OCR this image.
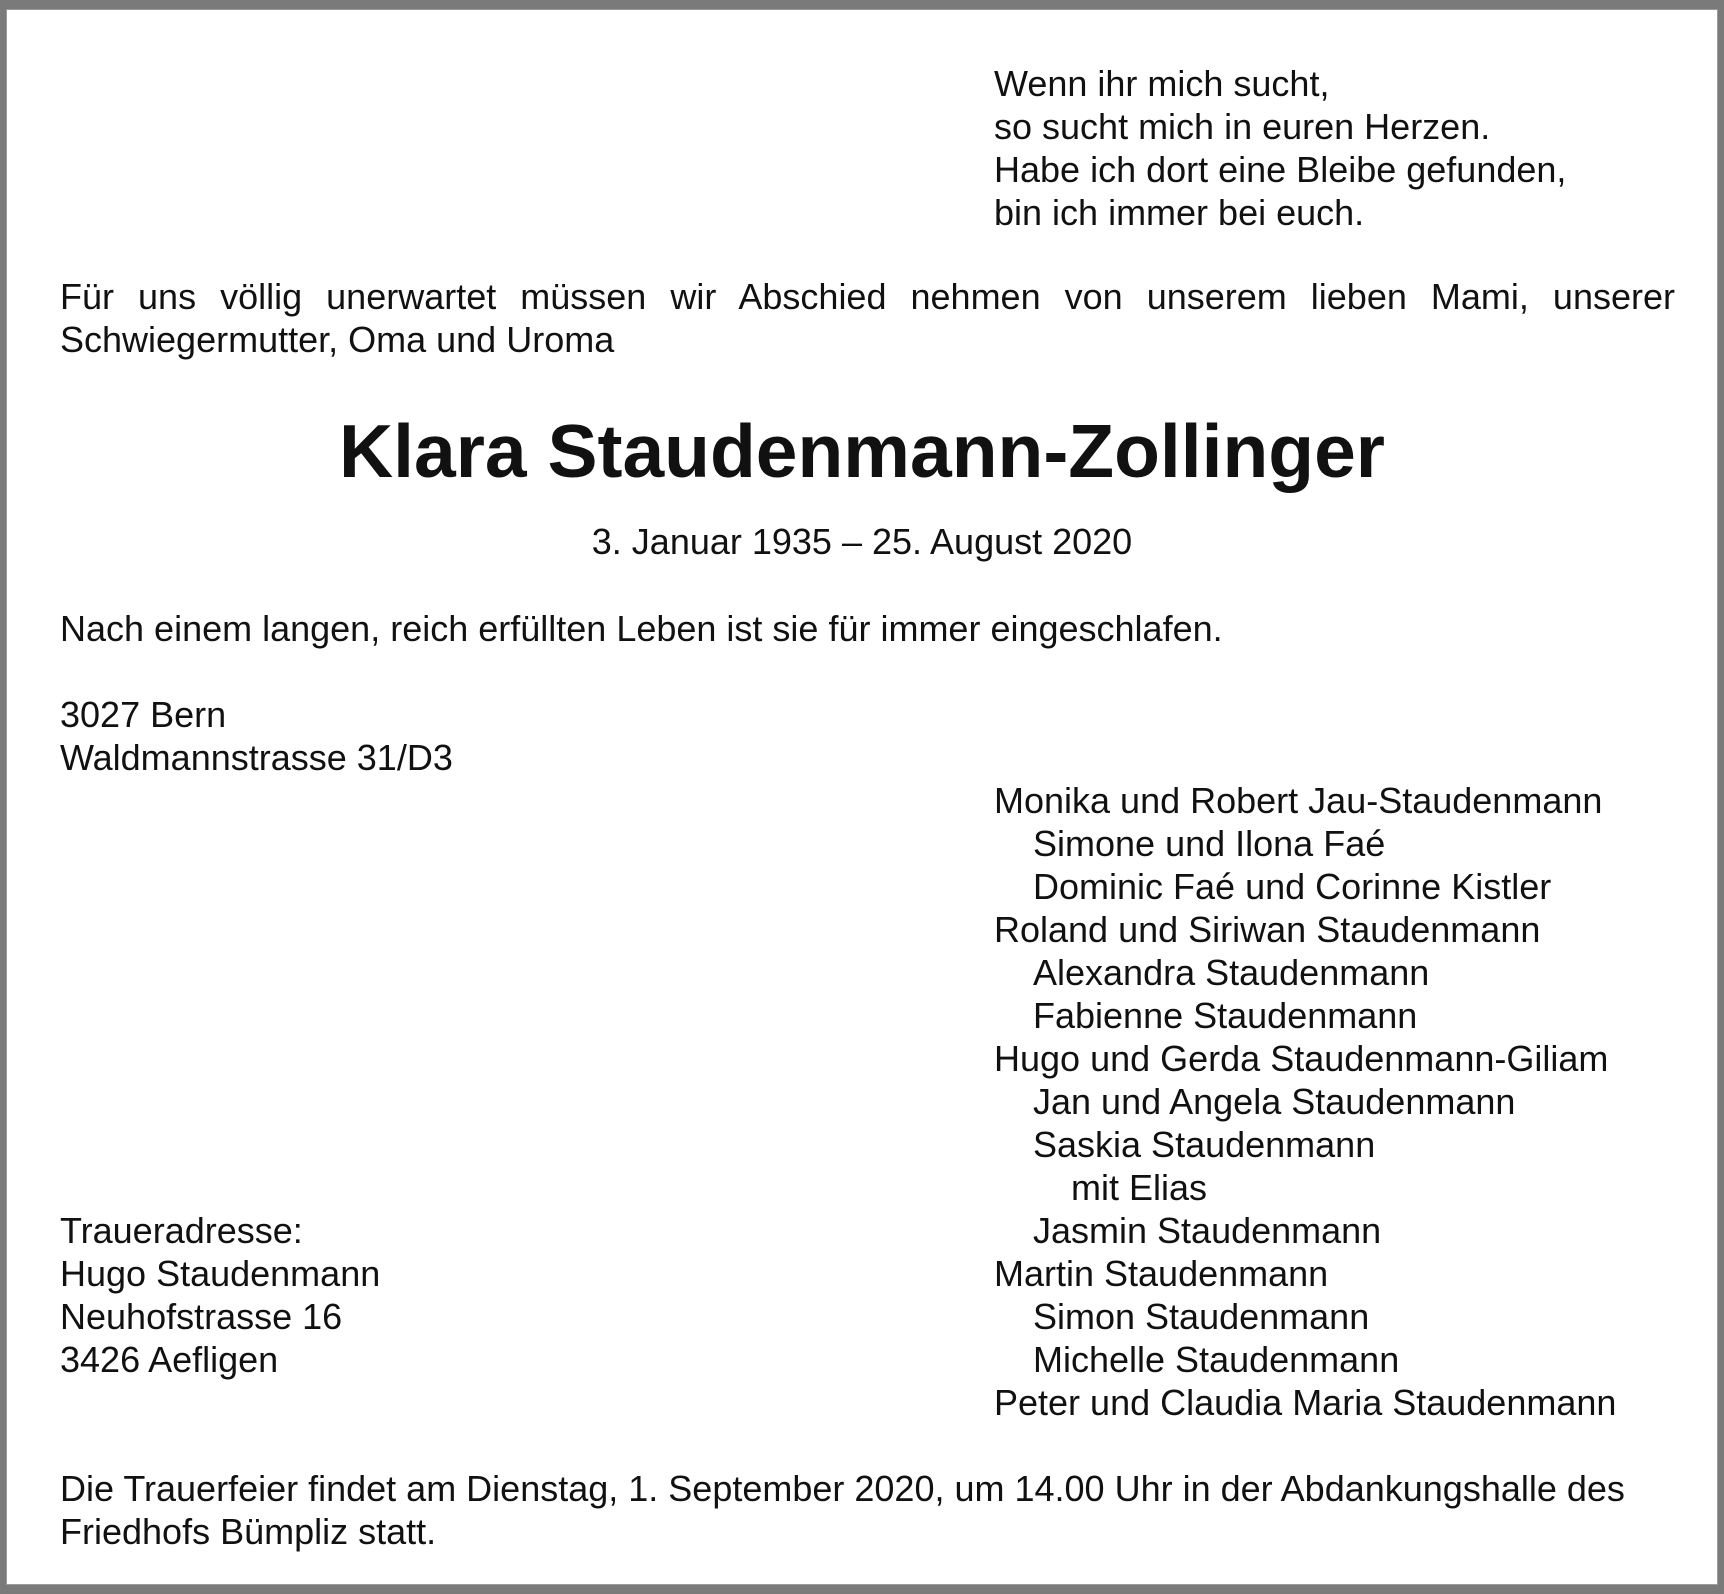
Wenn ihr mich sucht,
so sucht mich in euren Herzen.
Habe ich dort eine Bleibe gefunden,
bin ich immer bei euch.

Für uns völlig unerwartet müssen wir Abschied nehmen von unserem lieben Mami, unserer Schwiegermutter, Oma und Uroma

Klara Staudenmann-Zollinger

3. Januar 1935 – 25. August 2020

Nach einem langen, reich erfüllten Leben ist sie für immer eingeschlafen.

3027 Bern
Waldmannstrasse 31/D3
Monika und Robert Jau-Staudenmann
Simone und Ilona Faé
Dominic Faé und Corinne Kistler
Roland und Siriwan Staudenmann
Alexandra Staudenmann
Fabienne Staudenmann
Hugo und Gerda Staudenmann-Giliam
Jan und Angela Staudenmann
Saskia Staudenmann
mit Elias
Jasmin Staudenmann
Martin Staudenmann
Simon Staudenmann
Michelle Staudenmann
Peter und Claudia Maria Staudenmann
Traueradresse:
Hugo Staudenmann
Neuhofstrasse 16
3426 Aefligen

Die Trauerfeier findet am Dienstag, 1. September 2020, um 14.00 Uhr in der Abdankungshalle des Friedhofs Bümpliz statt.
